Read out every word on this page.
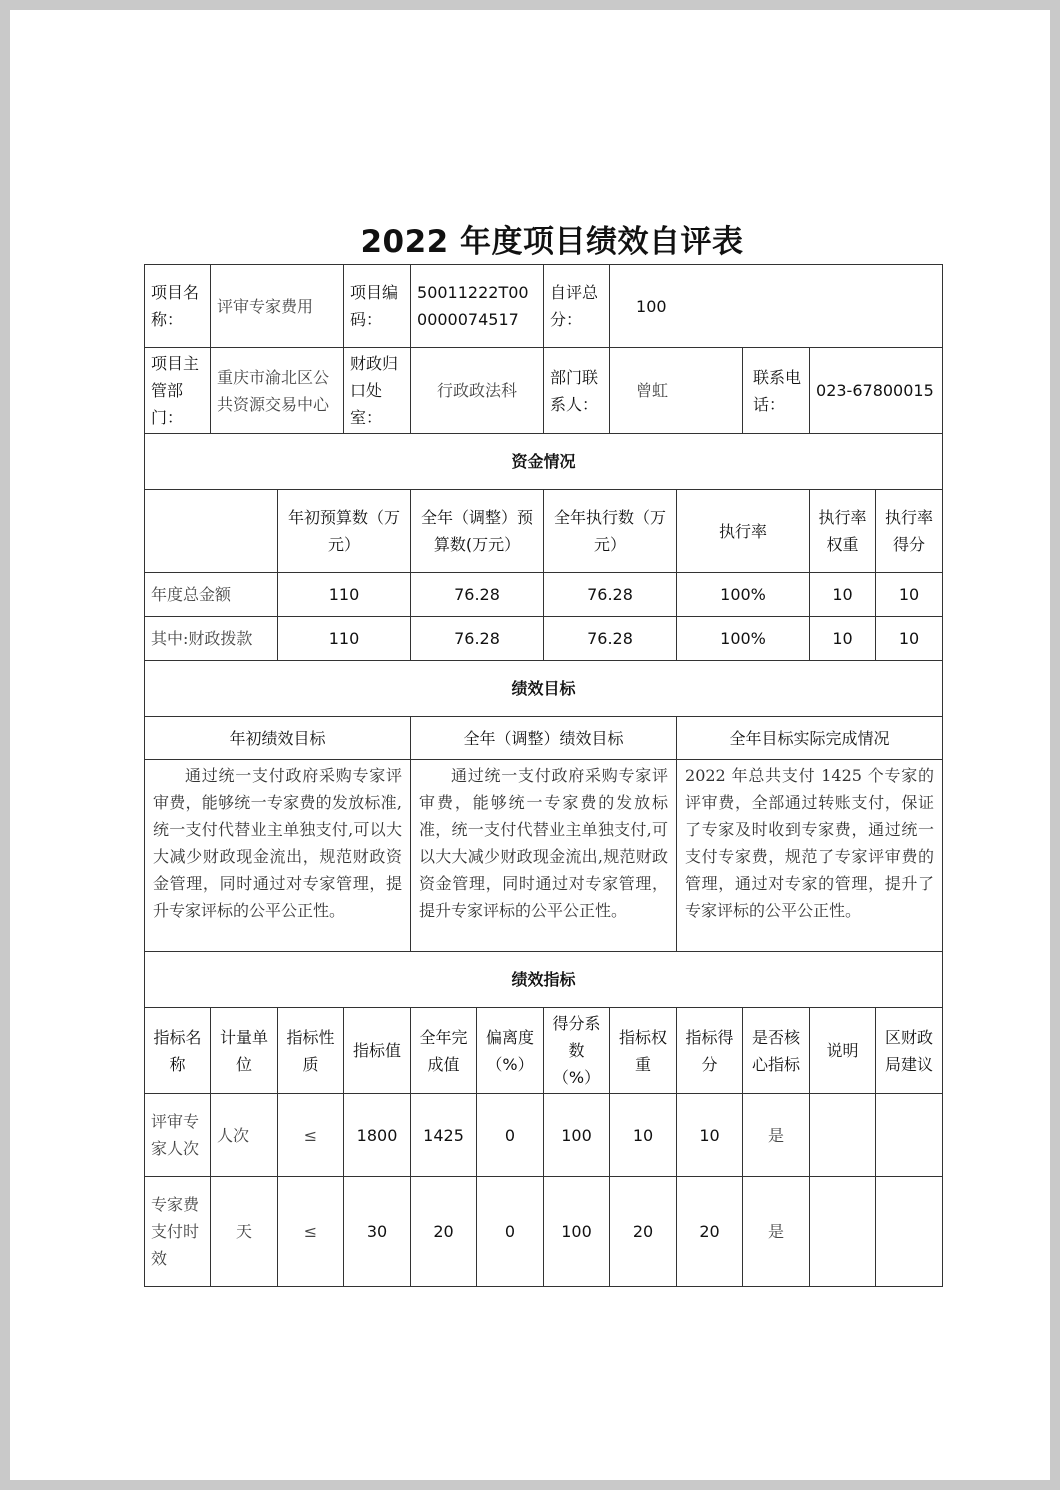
2022 年度项目绩效自评表
项目名称：	评审专家费用		项目编码：	50011222T000000074517		自评总分：	100				
项目主管部门：	重庆市渝北区公共资源交易中心		财政归口处室：	行政政法科		部门联系人：	曾虹		联系电话：	023-67800015	
资金情况											
		年初预算数（万元）		全年（调整）预算数(万元）		全年执行数（万元）		执行率		执行率权重	执行率得分
年度总金额		110		76.28		76.28		100%		10	10
其中:财政拨款		110		76.28		76.28		100%		10	10
绩效目标											
年初绩效目标				全年（调整）绩效目标				全年目标实际完成情况			
通过统一支付政府采购专家评审费，能够统一专家费的发放标准,统一支付代替业主单独支付,可以大大减少财政现金流出，规范财政资金管理，同时通过对专家管理，提升专家评标的公平公正性。				通过统一支付政府采购专家评审费，能够统一专家费的发放标准，统一支付代替业主单独支付,可以大大减少财政现金流出,规范财政资金管理，同时通过对专家管理，提升专家评标的公平公正性。				2022 年总共支付 1425 个专家的评审费，全部通过转账支付，保证了专家及时收到专家费，通过统一支付专家费，规范了专家评审费的管理，通过对专家的管理，提升了专家评标的公平公正性。			
绩效指标											
指标名称	计量单位	指标性质	指标值	全年完成值	偏离度（%）	得分系数（%）	指标权重	指标得分	是否核心指标	说明	区财政局建议
评审专家人次	人次	≤	1800	1425	0	100	10	10	是		
专家费支付时效	天	≤	30	20	0	100	20	20	是		
